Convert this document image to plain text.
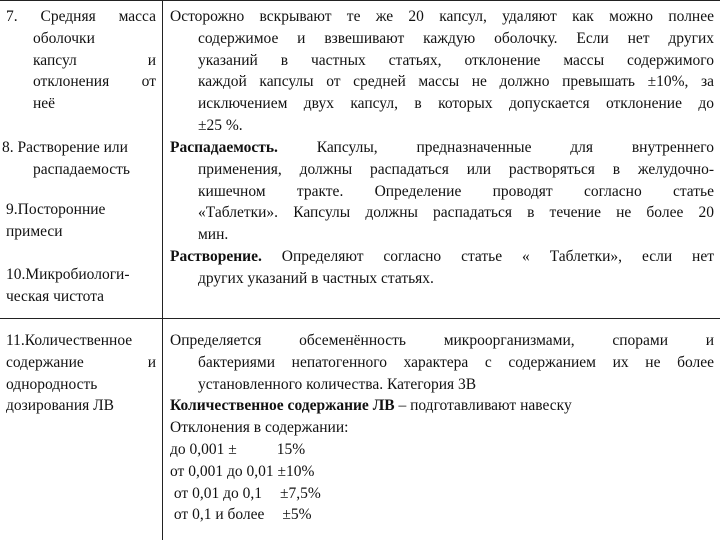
7. Средняя масса
оболочки
капсул и
отклонения от
неё
Осторожно вскрывают те же 20 капсул, удаляют как можно полнее
содержимое и взвешивают каждую оболочку. Если нет других
указаний в частных статьях, отклонение массы содержимого
каждой капсулы от средней массы не должно превышать ±10%, за
исключением двух капсул, в которых допускается отклонение до
±25 %.
8. Растворение или
распадаемость
9.Посторонние
примеси
10.Микробиологи-
ческая чистота
Распадаемость.	Капсулы, предназначенные для внутреннего
применения, должны распадаться или растворяться в желудочно-
кишечном тракте. Определение проводят согласно статье
«Таблетки». Капсулы должны распадаться в течение не более 20
мин.
Растворение. Определяют согласно статье « Таблетки», если нет
других указаний в частных статьях.
11.Количественное
содержание и
однородность
дозирования ЛВ
Определяется обсеменённость микроорганизмами, спорами и
бактериями непатогенного характера с содержанием их не более
установленного количества. Категория 3В
Количественное содержание ЛВ – подготавливают навеску
Отклонения в содержании:
до 0,001 ±	15%
от 0,001 до 0,01 ±10%
от 0,01 до 0,1 ±7,5%
от 0,1 и более ±5%
